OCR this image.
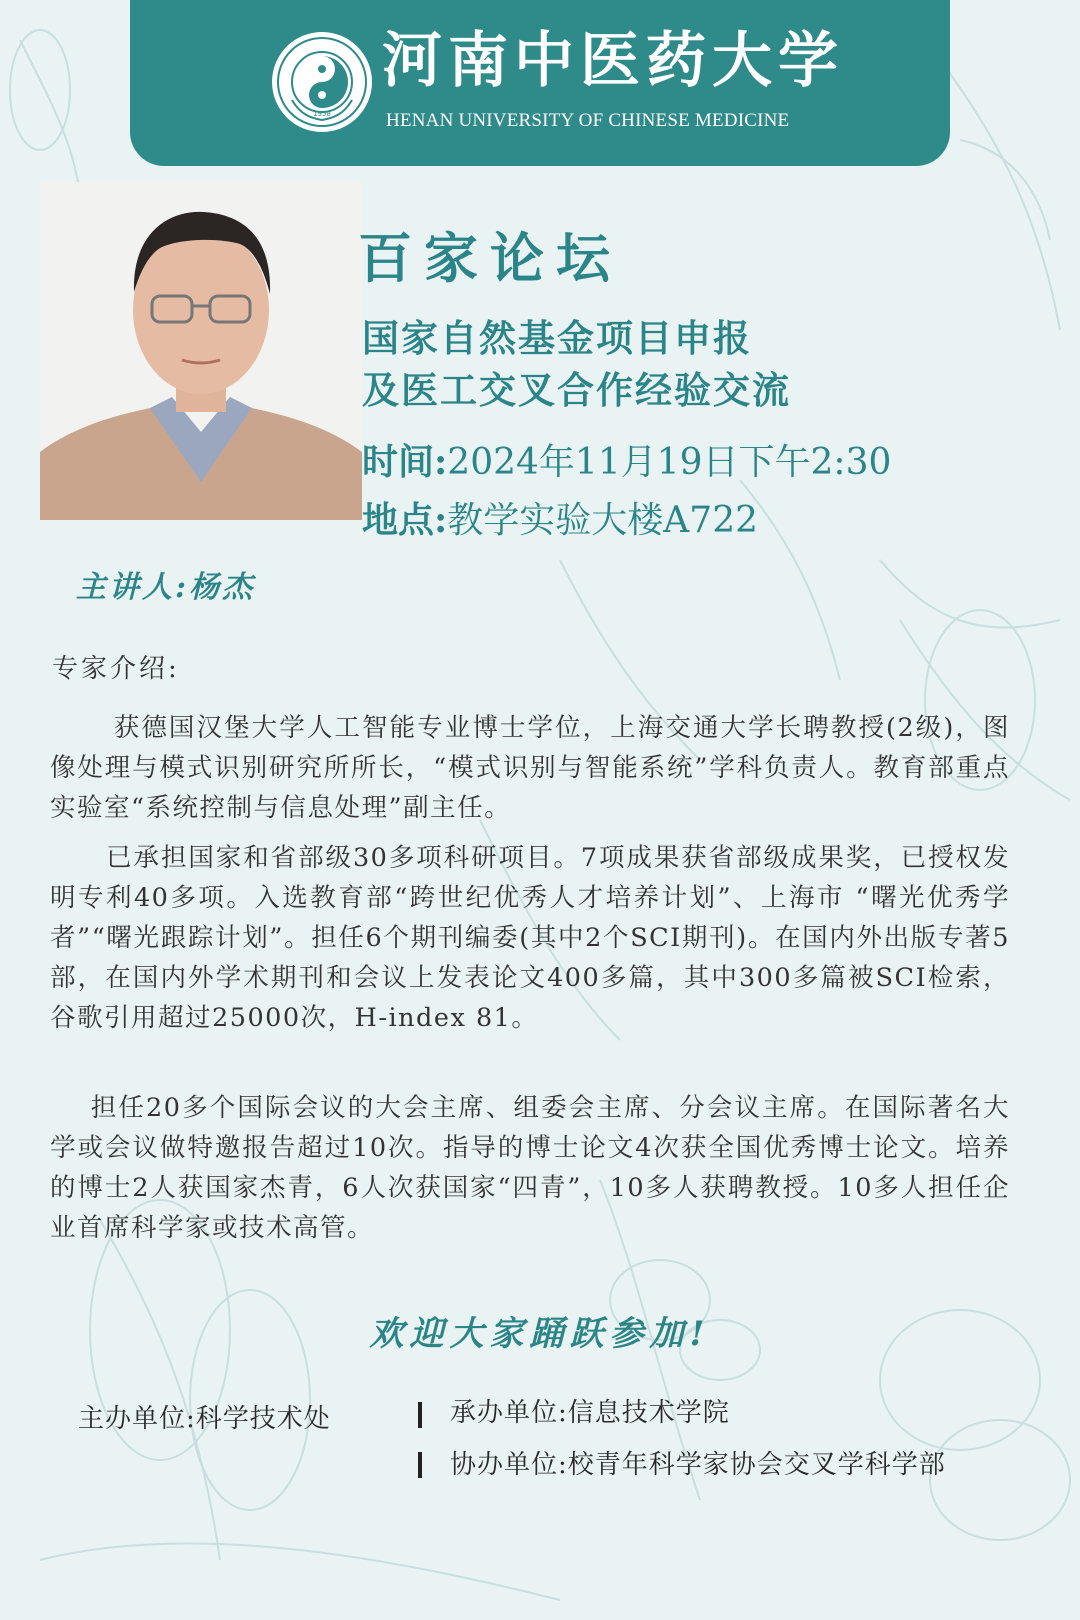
1958
河南中医药大学
HENAN UNIVERSITY OF CHINESE MEDICINE
百家论坛
国家自然基金项目申报
及医工交叉合作经验交流
时间:2024年11月19日下午2:30
地点:教学实验大楼A722
主讲人:杨杰
专家介绍:
获德国汉堡大学人工智能专业博士学位，上海交通大学长聘教授(2级)，图像处理与模式识别研究所所长，“模式识别与智能系统”学科负责人。教育部重点实验室“系统控制与信息处理”副主任。
已承担国家和省部级30多项科研项目。7项成果获省部级成果奖，已授权发明专利40多项。入选教育部“跨世纪优秀人才培养计划”、上海市 “曙光优秀学者”“曙光跟踪计划”。担任6个期刊编委(其中2个SCI期刊)。在国内外出版专著5部，在国内外学术期刊和会议上发表论文400多篇，其中300多篇被SCI检索，谷歌引用超过25000次，H-index 81。
担任20多个国际会议的大会主席、组委会主席、分会议主席。在国际著名大学或会议做特邀报告超过10次。指导的博士论文4次获全国优秀博士论文。培养的博士2人获国家杰青，6人次获国家“四青”，10多人获聘教授。10多人担任企业首席科学家或技术高管。
欢迎大家踊跃参加!
主办单位:科学技术处	承办单位:信息技术学院
协办单位:校青年科学家协会交叉学科学部
